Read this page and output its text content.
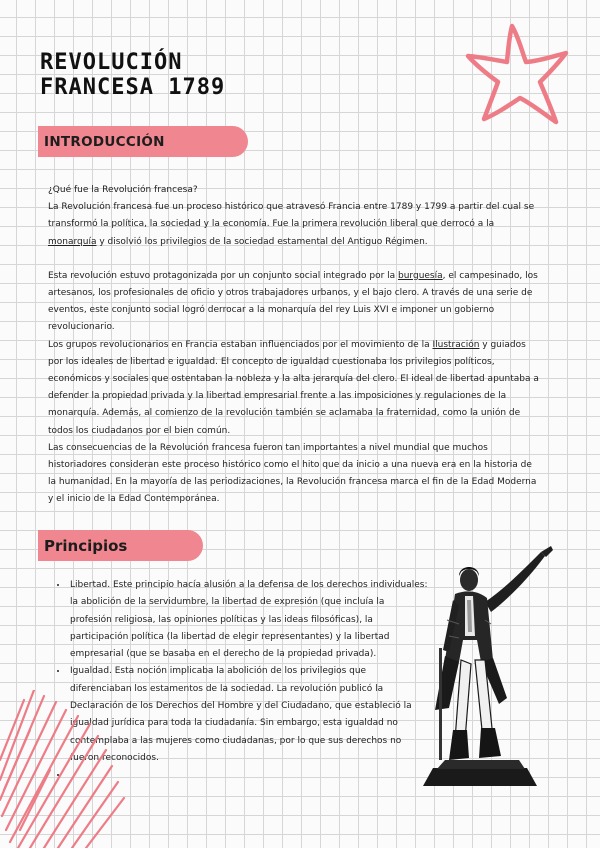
REVOLUCIÓN
FRANCESA 1789
INTRODUCCIÓN

¿Qué fue la Revolución francesa?

La Revolución francesa fue un proceso histórico que atravesó Francia entre 1789 y 1799 a partir del cual se transformó la política, la sociedad y la economía. Fue la primera revolución liberal que derrocó a la monarquía y disolvió los privilegios de la sociedad estamental del Antiguo Régimen.

Esta revolución estuvo protagonizada por un conjunto social integrado por la burguesía, el campesinado, los artesanos, los profesionales de oficio y otros trabajadores urbanos, y el bajo clero. A través de una serie de eventos, este conjunto social logró derrocar a la monarquía del rey Luis XVI e imponer un gobierno revolucionario.

Los grupos revolucionarios en Francia estaban influenciados por el movimiento de la Ilustración y guiados por los ideales de libertad e igualdad. El concepto de igualdad cuestionaba los privilegios políticos, económicos y sociales que ostentaban la nobleza y la alta jerarquía del clero. El ideal de libertad apuntaba a defender la propiedad privada y la libertad empresarial frente a las imposiciones y regulaciones de la monarquía. Además, al comienzo de la revolución también se aclamaba la fraternidad, como la unión de todos los ciudadanos por el bien común.

Las consecuencias de la Revolución francesa fueron tan importantes a nivel mundial que muchos historiadores consideran este proceso histórico como el hito que da inicio a una nueva era en la historia de la humanidad. En la mayoría de las periodizaciones, la Revolución francesa marca el fin de la Edad Moderna y el inicio de la Edad Contemporánea.

Principios
• Libertad. Este principio hacía alusión a la defensa de los derechos individuales: la abolición de la servidumbre, la libertad de expresión (que incluía la profesión religiosa, las opiniones políticas y las ideas filosóficas), la participación política (la libertad de elegir representantes) y la libertad empresarial (que se basaba en el derecho de la propiedad privada).
• Igualdad. Esta noción implicaba la abolición de los privilegios que diferenciaban los estamentos de la sociedad. La revolución publicó la Declaración de los Derechos del Hombre y del Ciudadano, que estableció la igualdad jurídica para toda la ciudadanía. Sin embargo, esta igualdad no contemplaba a las mujeres como ciudadanas, por lo que sus derechos no fueron reconocidos.
•
